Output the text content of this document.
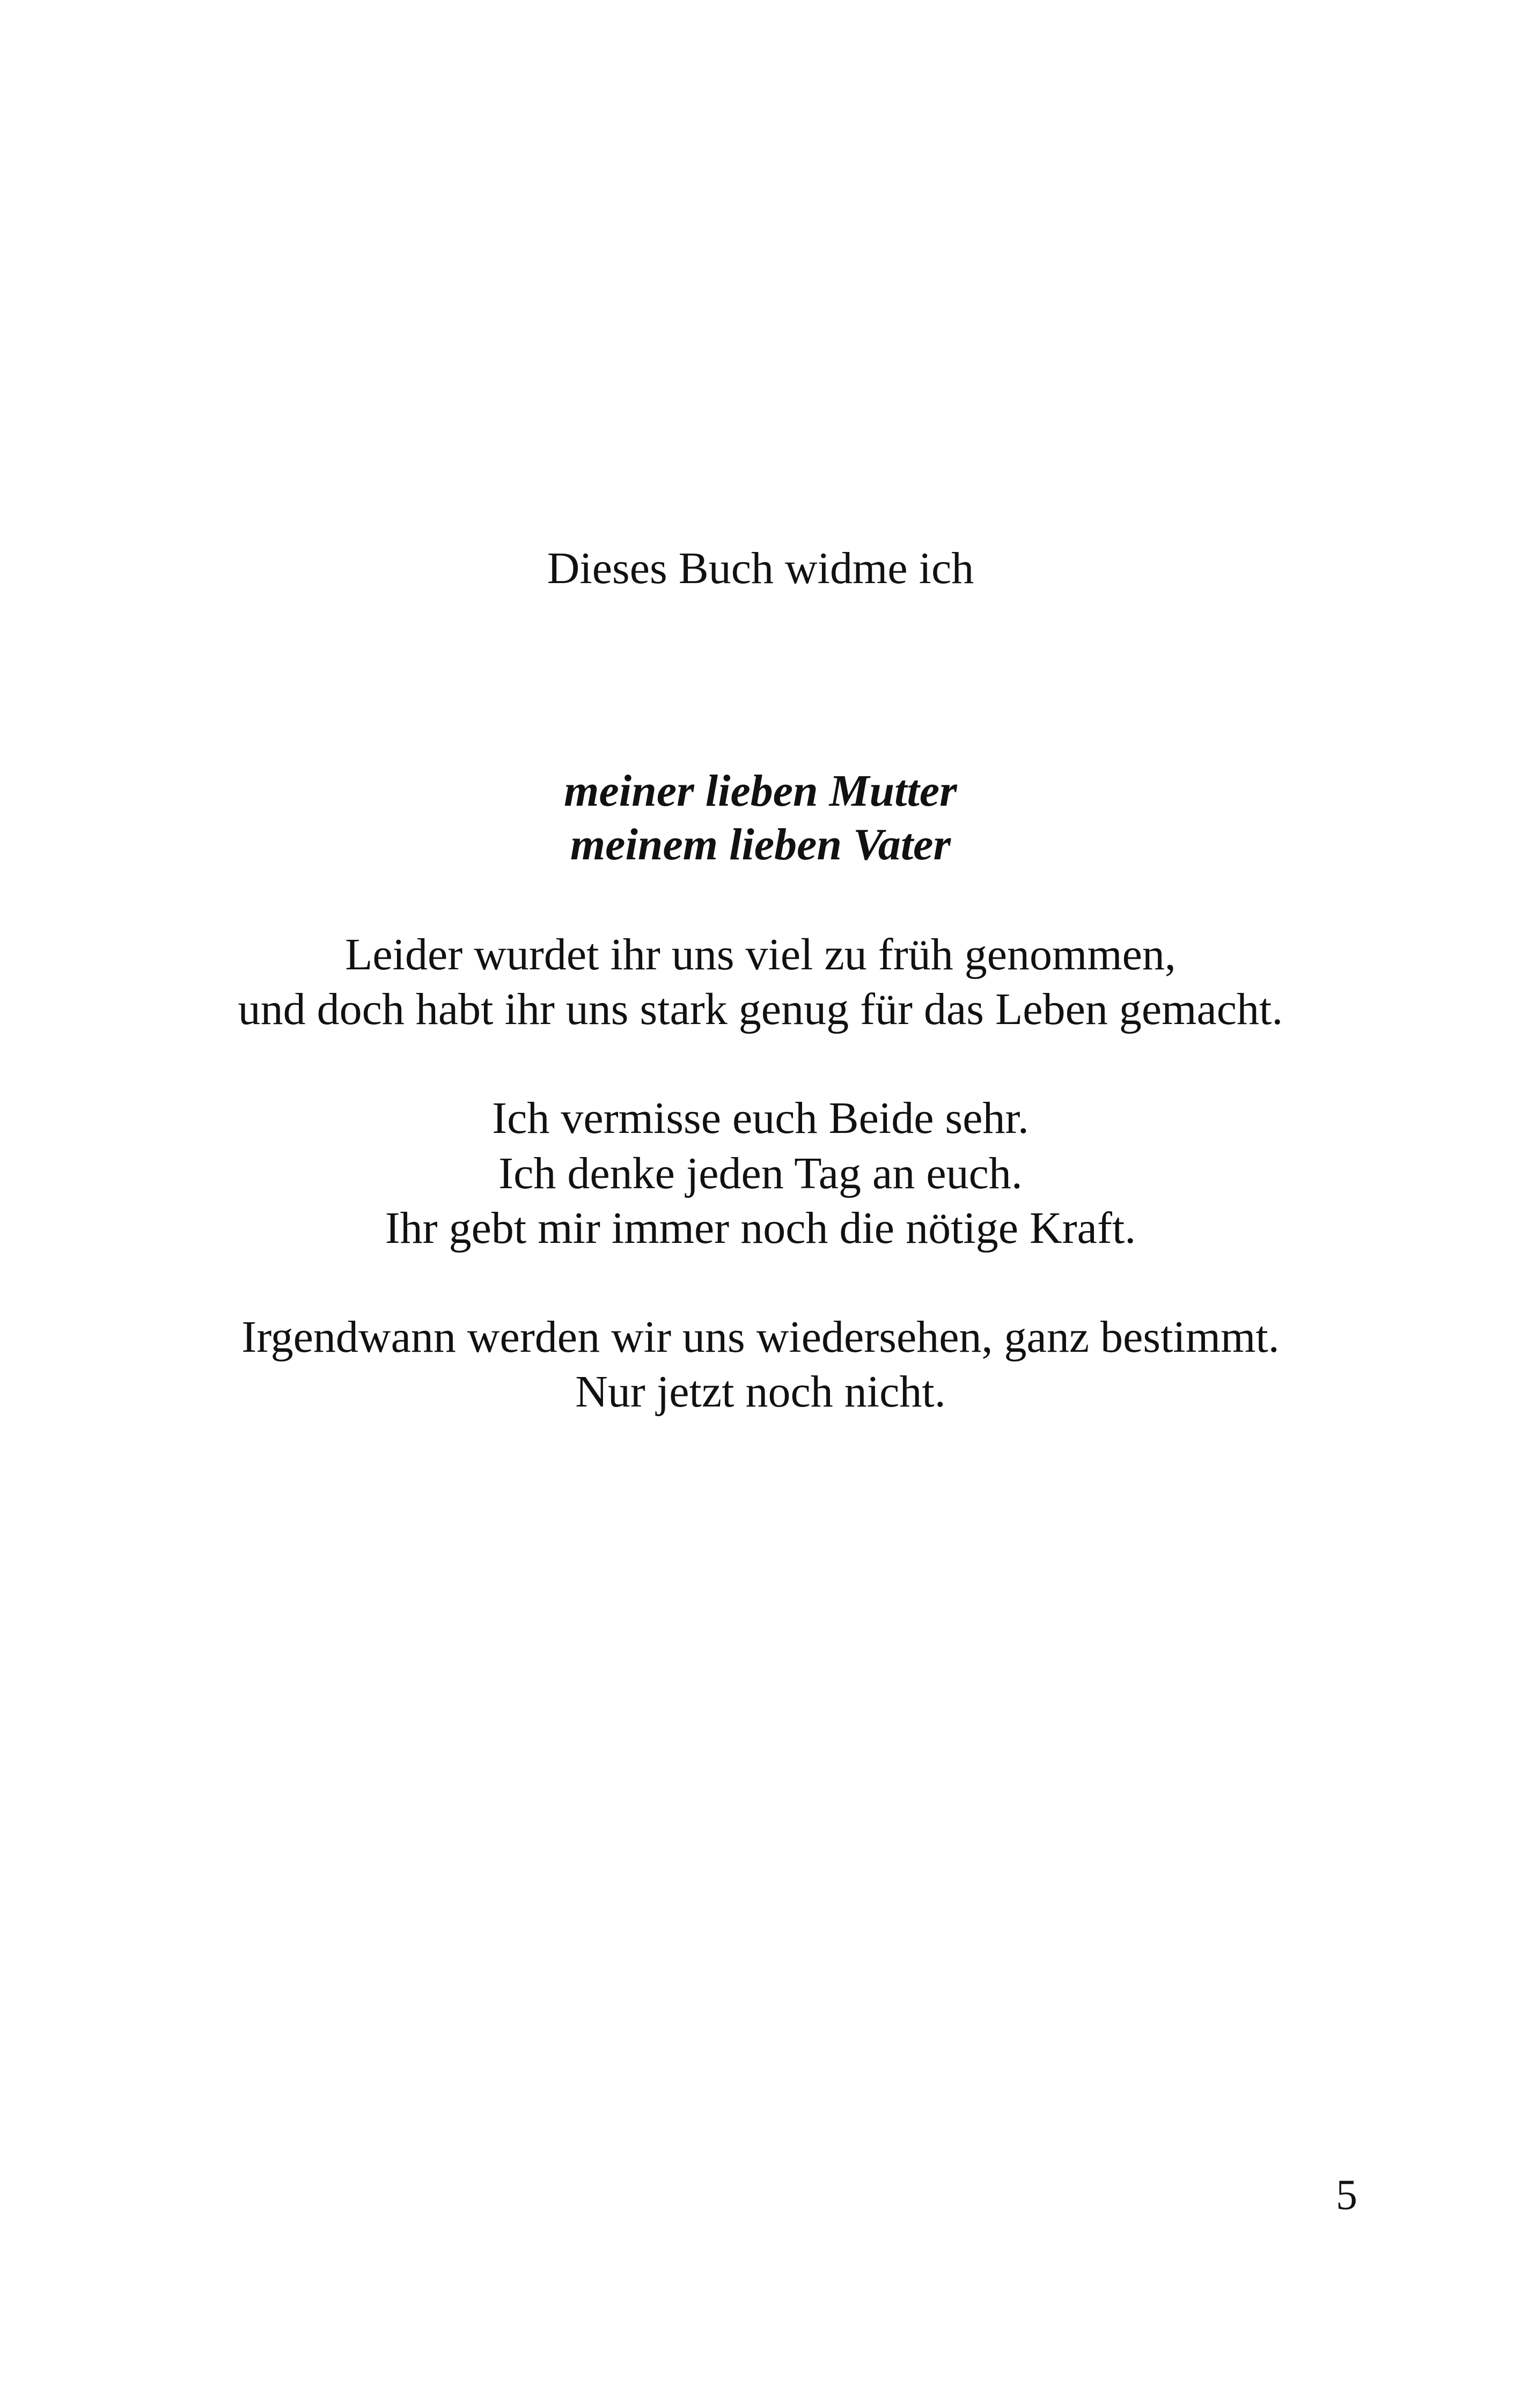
Dieses Buch widme ich
meiner lieben Mutter
meinem lieben Vater
Leider wurdet ihr uns viel zu früh genommen,
und doch habt ihr uns stark genug für das Leben gemacht.
Ich vermisse euch Beide sehr.
Ich denke jeden Tag an euch.
Ihr gebt mir immer noch die nötige Kraft.
Irgendwann werden wir uns wiedersehen, ganz bestimmt.
Nur jetzt noch nicht.
5
